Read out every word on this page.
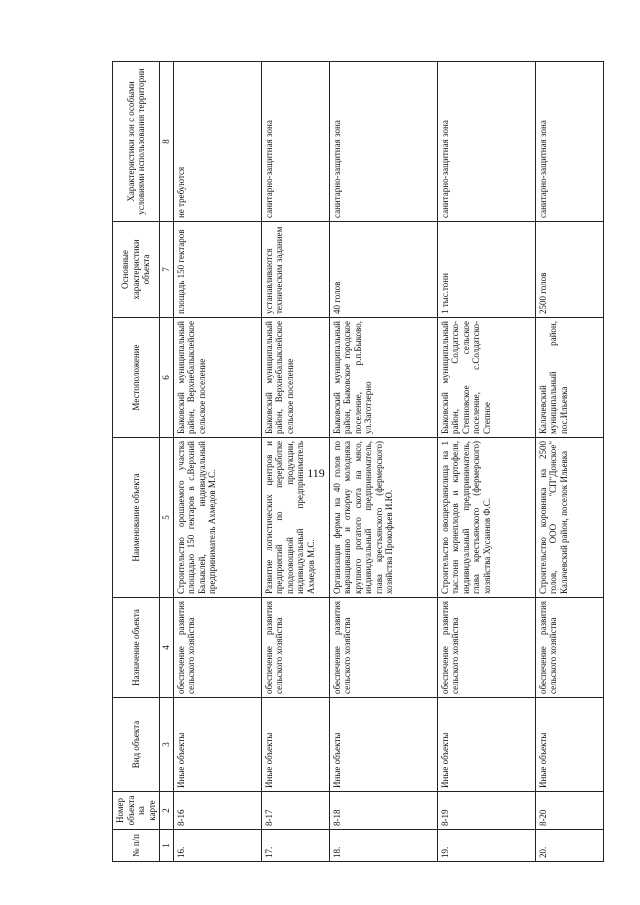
119
№ п/п	Номер объекта на карте	Вид объекта	Назначение объекта	Наименование объекта	Местоположение	Основные характеристики объекта	Характеристики зон с особыми условиями использования территории
1	2	3	4	5	6	7	8
16.	8-16	Иные объекты	обеспечение развития сельского хозяйства	Строительство орошаемого участка площадью 150 гектаров в с.Верхний Балыклей, индивидуальный предприниматель Ахмедов М.С.	Быковский муниципальный район, Верхнебалыклейское сельское поселение	площадь 150 гектаров	не требуются
17.	8-17	Иные объекты	обеспечение развития сельского хозяйства	Развитие логистических центров и предприятий по переработке плодоовощной продукции, индивидуальный предприниматель Ахмедов М.С.	Быковский муниципальный район, Верхнебалыклейское сельское поселение	устанавливаются техническим заданием	санитарно-защитная зона
18.	8-18	Иные объекты	обеспечение развития сельского хозяйства	Организация фермы на 40 голов по выращиванию и откорму молодняка крупного рогатого скота на мясо, индивидуальный предприниматель, глава крестьянского (фермерского) хозяйства Прокофьев И.Ю.	Быковский муниципальный район, Быковское городское поселение, р.п.Быково, ул.Заготзерно	40 голов	санитарно-защитная зона
19.	8-19	Иные объекты	обеспечение развития сельского хозяйства	Строительство овощехранилища на 1 тыс.тонн корнеплодов и картофеля, индивидуальный предприниматель, глава крестьянского (фермерского) хозяйства Хусаинов Ф.С.	Быковский муниципальный район, Солдатско-Степновское сельское поселение, с.Солдатско-Степное	1 тыс.тонн	санитарно-защитная зона
20.	8-20	Иные объекты	обеспечение развития сельского хозяйства	Строительство коровника на 2500 голов, ООО "СП"Донское" Калачевский район, поселок Ильевка	Калачевский муниципальный район, пос.Ильевка	2500 голов	санитарно-защитная зона
